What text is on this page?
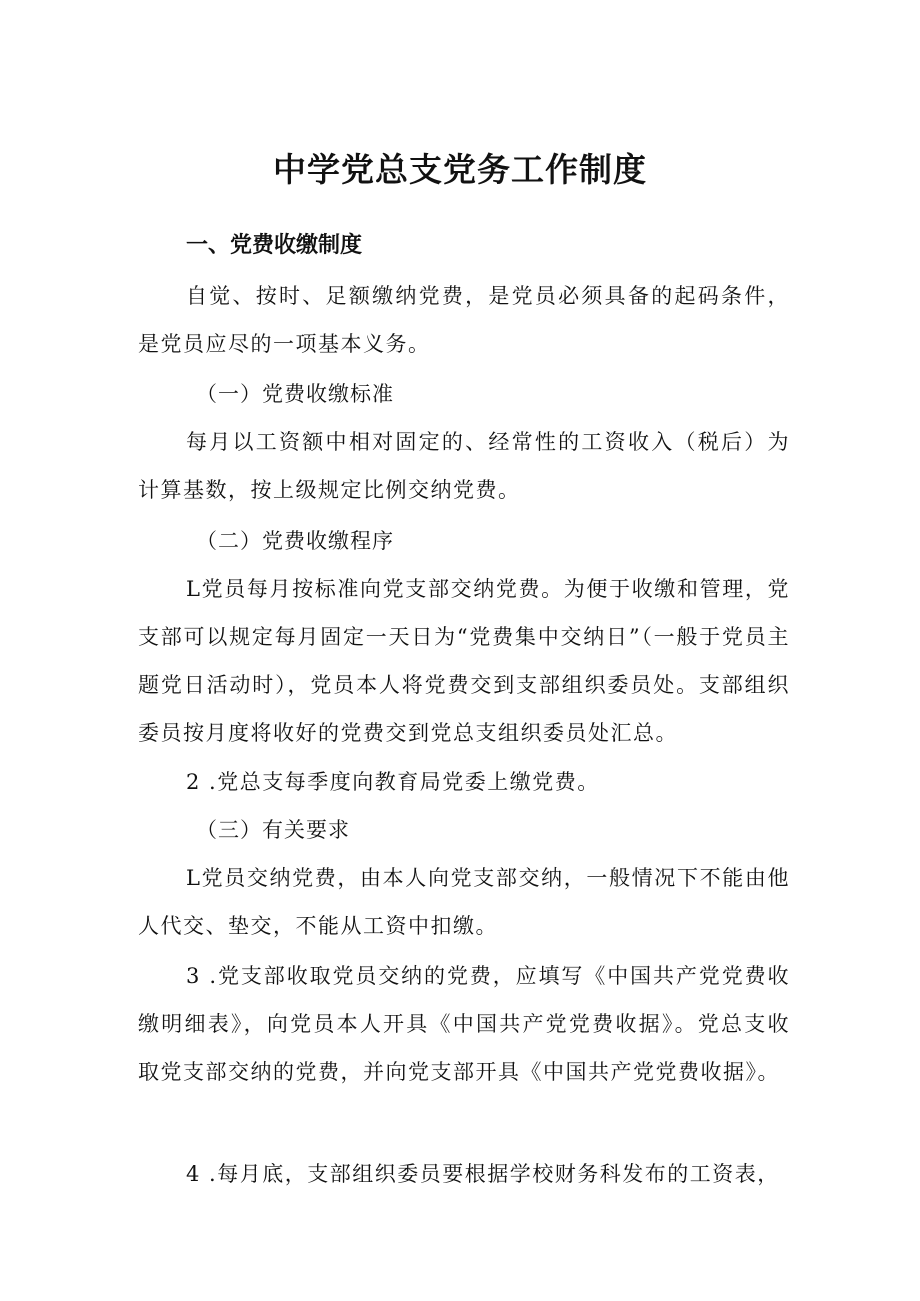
中学党总支党务工作制度
一、党费收缴制度

自觉、按时、足额缴纳党费，是党员必须具备的起码条件，是党员应尽的一项基本义务。

（一）党费收缴标准

每月以工资额中相对固定的、经常性的工资收入（税后）为计算基数，按上级规定比例交纳党费。

（二）党费收缴程序

L党员每月按标准向党支部交纳党费。为便于收缴和管理，党支部可以规定每月固定一天日为“党费集中交纳日”（一般于党员主题党日活动时），党员本人将党费交到支部组织委员处。支部组织委员按月度将收好的党费交到党总支组织委员处汇总。

2 .党总支每季度向教育局党委上缴党费。

（三）有关要求

L党员交纳党费，由本人向党支部交纳，一般情况下不能由他人代交、垫交，不能从工资中扣缴。

3 .党支部收取党员交纳的党费，应填写《中国共产党党费收缴明细表》，向党员本人开具《中国共产党党费收据》。党总支收取党支部交纳的党费，并向党支部开具《中国共产党党费收据》。

4 .每月底，支部组织委员要根据学校财务科发布的工资表，
